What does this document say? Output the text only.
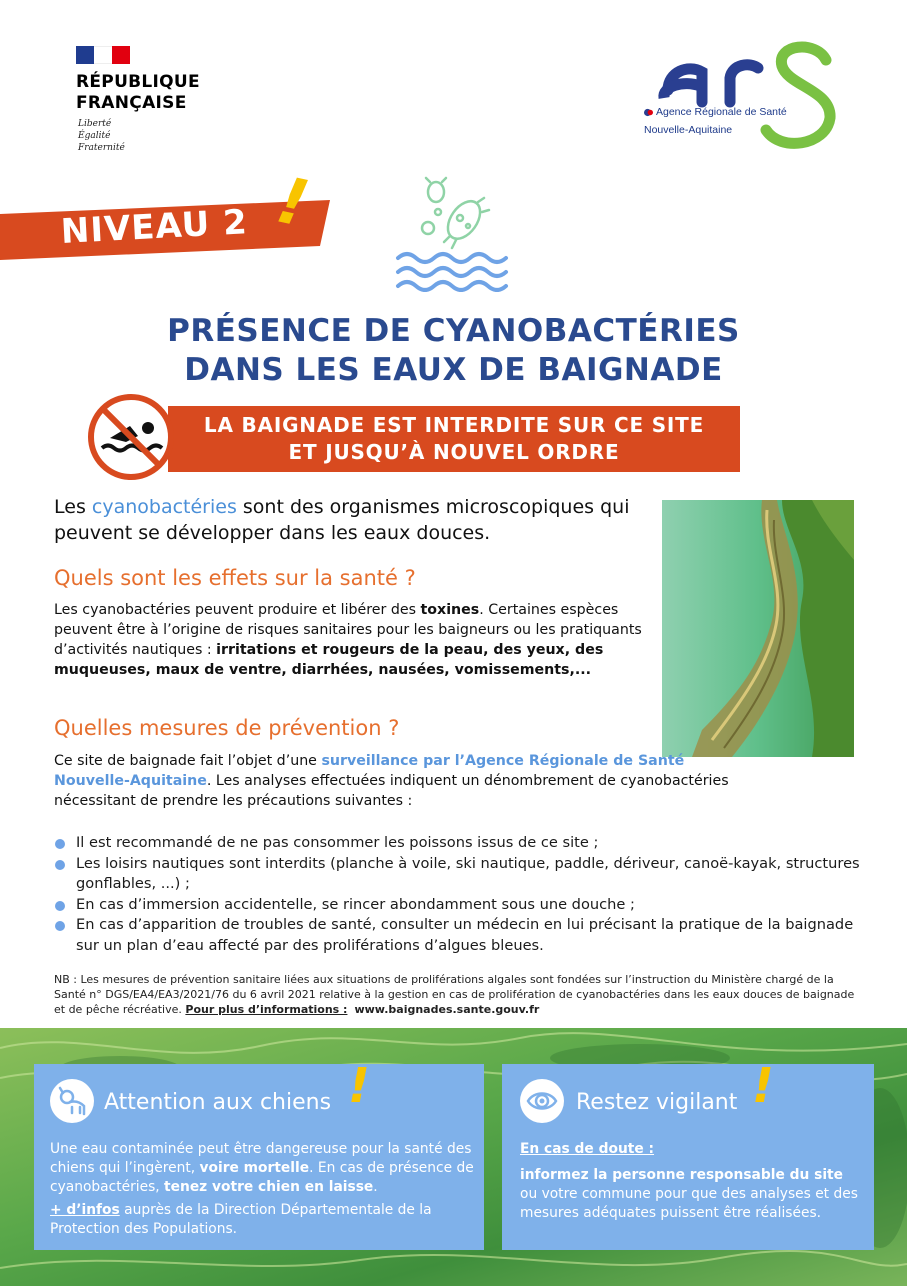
RÉPUBLIQUE
FRANÇAISE
Liberté
Égalité
Fraternité
Agence Régionale de Santé
Nouvelle-Aquitaine
NIVEAU 2 !
PRÉSENCE DE CYANOBACTÉRIES
DANS LES EAUX DE BAIGNADE
LA BAIGNADE EST INTERDITE SUR CE SITE
ET JUSQU’À NOUVEL ORDRE
Les cyanobactéries sont des organismes microscopiques qui peuvent se développer dans les eaux douces.
Quels sont les effets sur la santé ?
Les cyanobactéries peuvent produire et libérer des toxines. Certaines espèces peuvent être à l’origine de risques sanitaires pour les baigneurs ou les pratiquants d’activités nautiques : irritations et rougeurs de la peau, des yeux, des muqueuses, maux de ventre, diarrhées, nausées, vomissements,...
Quelles mesures de prévention ?
Ce site de baignade fait l’objet d’une surveillance par l’Agence Régionale de Santé Nouvelle-Aquitaine. Les analyses effectuées indiquent un dénombrement de cyanobactéries nécessitant de prendre les précautions suivantes :
Il est recommandé de ne pas consommer les poissons issus de ce site ;
Les loisirs nautiques sont interdits (planche à voile, ski nautique, paddle, dériveur, canoë-kayak, structures gonflables, ...) ;
En cas d’immersion accidentelle, se rincer abondamment sous une douche ;
En cas d’apparition de troubles de santé, consulter un médecin en lui précisant la pratique de la baignade sur un plan d’eau affecté par des proliférations d’algues bleues.
NB : Les mesures de prévention sanitaire liées aux situations de proliférations algales sont fondées sur l’instruction du Ministère chargé de la Santé n° DGS/EA4/EA3/2021/76 du 6 avril 2021 relative à la gestion en cas de prolifération de cyanobactéries dans les eaux douces de baignade et de pêche récréative. Pour plus d’informations : www.baignades.sante.gouv.fr
Attention aux chiens !
Une eau contaminée peut être dangereuse pour la santé des chiens qui l’ingèrent, voire mortelle. En cas de présence de cyanobactéries, tenez votre chien en laisse.
+ d’infos auprès de la Direction Départementale de la Protection des Populations.
Restez vigilant !
En cas de doute :
informez la personne responsable du site ou votre commune pour que des analyses et des mesures adéquates puissent être réalisées.
